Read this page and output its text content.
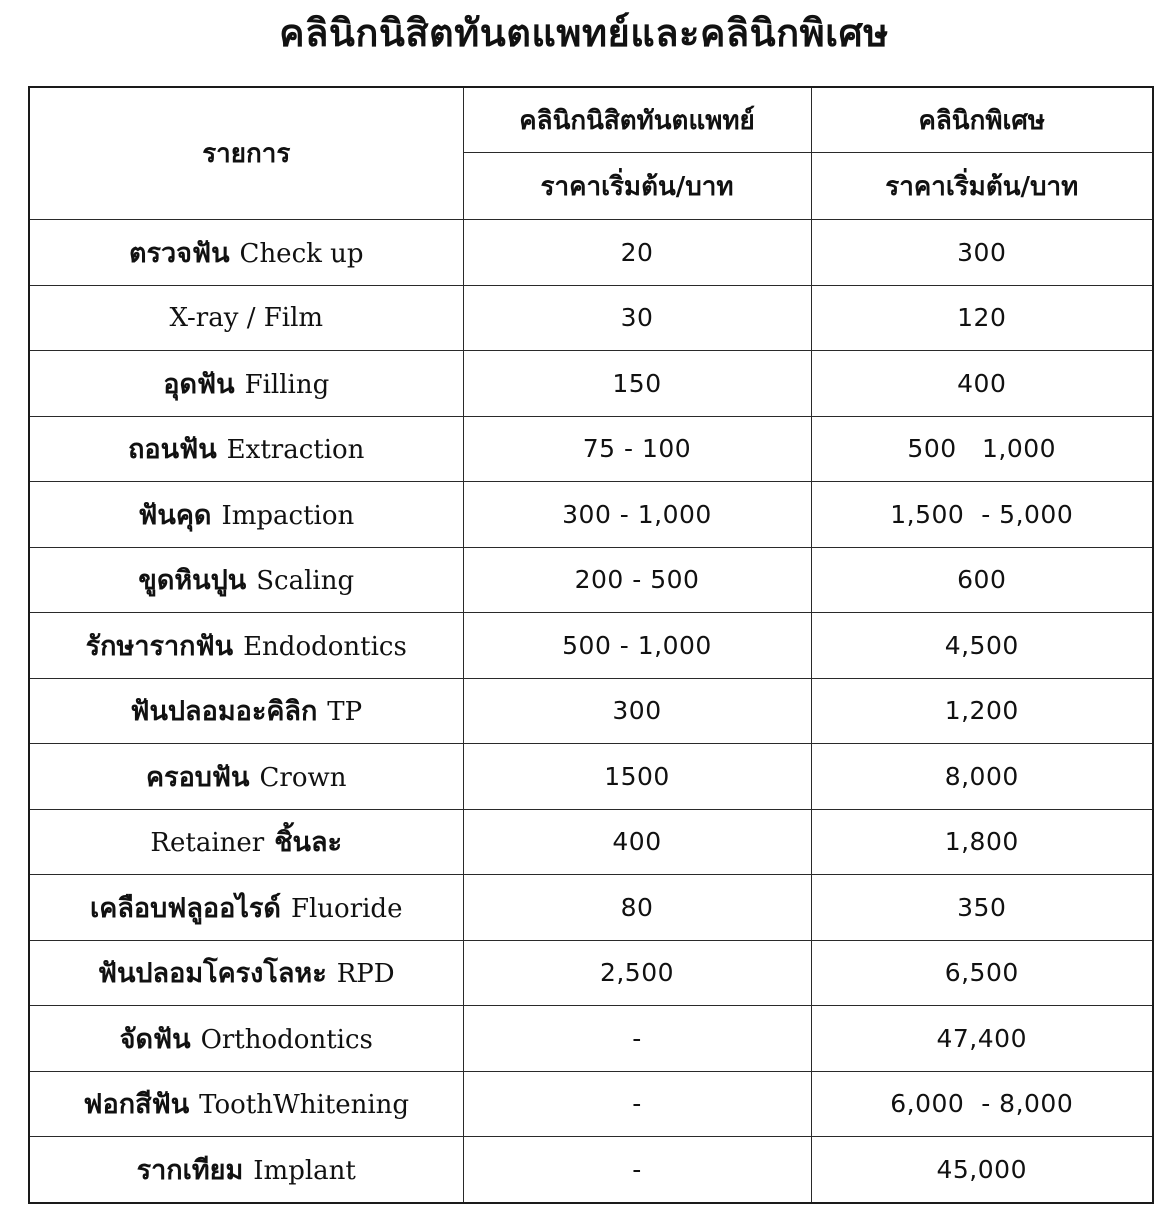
คลินิกนิสิตทันตแพทย์และคลินิกพิเศษ
รายการ	คลินิกนิสิตทันตแพทย์	คลินิกพิเศษ
	ราคาเริ่มต้น/บาท	ราคาเริ่มต้น/บาท
ตรวจฟัน Check up	20	300
X-ray / Film	30	120
อุดฟัน Filling	150	400
ถอนฟัน Extraction	75 - 100	500   1,000
ฟันคุด Impaction	300 - 1,000	1,500  - 5,000
ขูดหินปูน Scaling	200 - 500	600
รักษารากฟัน Endodontics	500 - 1,000	4,500
ฟันปลอมอะคิลิก TP	300	1,200
ครอบฟัน Crown	1500	8,000
Retainer ชิ้นละ	400	1,800
เคลือบฟลูออไรด์ Fluoride	80	350
ฟันปลอมโครงโลหะ RPD	2,500	6,500
จัดฟัน Orthodontics	-	47,400
ฟอกสีฟัน ToothWhitening	-	6,000  - 8,000
รากเทียม Implant	-	45,000
